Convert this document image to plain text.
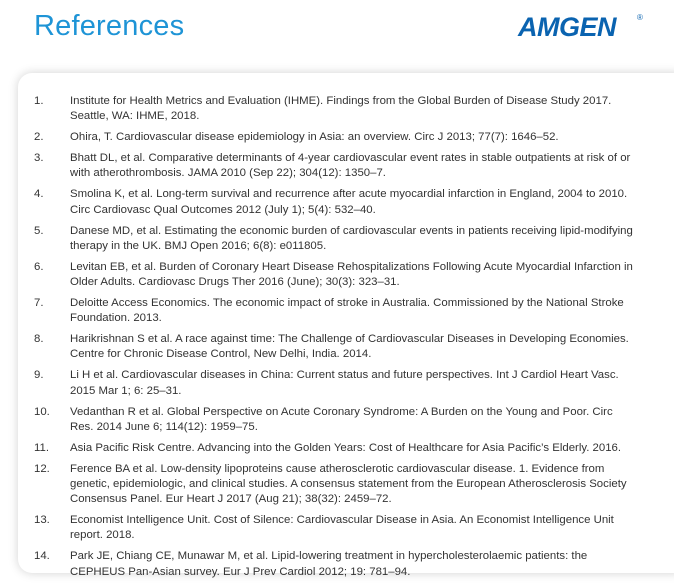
References	AMGEN	®
1.	Institute for Health Metrics and Evaluation (IHME). Findings from the Global Burden of Disease Study 2017. Seattle, WA: IHME, 2018.
2.	Ohira, T. Cardiovascular disease epidemiology in Asia: an overview. Circ J 2013; 77(7): 1646–52.
3.	Bhatt DL, et al. Comparative determinants of 4-year cardiovascular event rates in stable outpatients at risk of or with atherothrombosis. JAMA 2010 (Sep 22); 304(12): 1350–7.
4.	Smolina K, et al. Long-term survival and recurrence after acute myocardial infarction in England, 2004 to 2010. Circ Cardiovasc Qual Outcomes 2012 (July 1); 5(4): 532–40.
5.	Danese MD, et al. Estimating the economic burden of cardiovascular events in patients receiving lipid-modifying therapy in the UK. BMJ Open 2016; 6(8): e011805.
6.	Levitan EB, et al. Burden of Coronary Heart Disease Rehospitalizations Following Acute Myocardial Infarction in Older Adults. Cardiovasc Drugs Ther 2016 (June); 30(3): 323–31.
7.	Deloitte Access Economics. The economic impact of stroke in Australia. Commissioned by the National Stroke Foundation. 2013.
8.	Harikrishnan S et al. A race against time: The Challenge of Cardiovascular Diseases in Developing Economies. Centre for Chronic Disease Control, New Delhi, India. 2014.
9.	Li H et al. Cardiovascular diseases in China: Current status and future perspectives. Int J Cardiol Heart Vasc. 2015 Mar 1; 6: 25–31.
10.	Vedanthan R et al. Global Perspective on Acute Coronary Syndrome: A Burden on the Young and Poor. Circ Res. 2014 June 6; 114(12): 1959–75.
11.	Asia Pacific Risk Centre. Advancing into the Golden Years: Cost of Healthcare for Asia Pacific’s Elderly. 2016.
12.	Ference BA et al. Low-density lipoproteins cause atherosclerotic cardiovascular disease. 1. Evidence from genetic, epidemiologic, and clinical studies. A consensus statement from the European Atherosclerosis Society Consensus Panel. Eur Heart J 2017 (Aug 21); 38(32): 2459–72.
13.	Economist Intelligence Unit. Cost of Silence: Cardiovascular Disease in Asia. An Economist Intelligence Unit report. 2018.
14.	Park JE, Chiang CE, Munawar M, et al. Lipid-lowering treatment in hypercholesterolaemic patients: the CEPHEUS Pan-Asian survey. Eur J Prev Cardiol 2012; 19: 781–94.
